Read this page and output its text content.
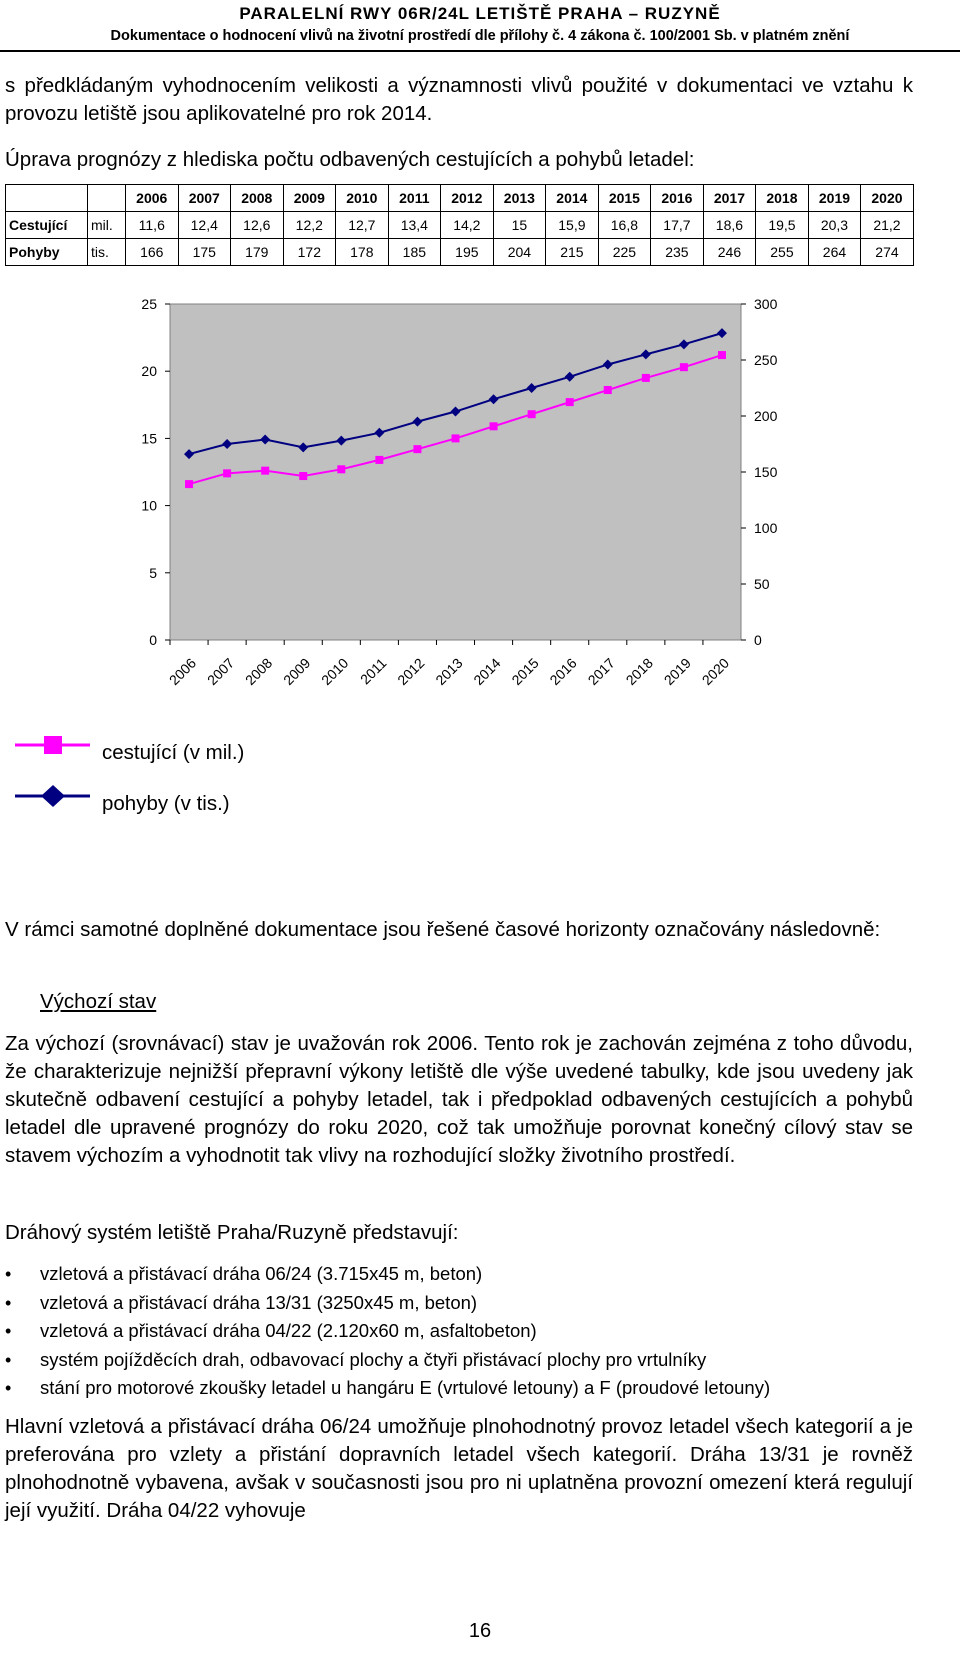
PARALELNÍ RWY 06R/24L LETIŠTĚ PRAHA – RUZYNĚ
Dokumentace o hodnocení vlivů na životní prostředí dle přílohy č. 4 zákona č. 100/2001 Sb. v platném znění
s předkládaným vyhodnocením velikosti a významnosti vlivů použité v dokumentaci ve vztahu k provozu letiště jsou aplikovatelné pro rok 2014.
Úprava prognózy z hlediska počtu odbavených cestujících a pohybů letadel:
		2006	2007	2008	2009	2010	2011	2012	2013	2014	2015	2016	2017	2018	2019	2020
Cestující	mil.	11,6	12,4	12,6	12,2	12,7	13,4	14,2	15	15,9	16,8	17,7	18,6	19,5	20,3	21,2
Pohyby	tis.	166	175	179	172	178	185	195	204	215	225	235	246	255	264	274
0
5
10
15
20
25
0
50
100
150
200
250
300
2006 2007 2008 2009 2010 2011 2012 2013 2014 2015 2016 2017 2018 2019 2020
cestující (v mil.)
pohyby (v tis.)
V rámci samotné doplněné dokumentace jsou řešené časové horizonty označovány následovně:
Výchozí stav
Za výchozí (srovnávací) stav je uvažován rok 2006. Tento rok je zachován zejména z toho důvodu, že charakterizuje nejnižší přepravní výkony letiště dle výše uvedené tabulky, kde jsou uvedeny jak skutečně odbavení cestující a pohyby letadel, tak i předpoklad odbavených cestujících a pohybů letadel dle upravené prognózy do roku 2020, což tak umožňuje porovnat konečný cílový stav se stavem výchozím a vyhodnotit tak vlivy na rozhodující složky životního prostředí.
Dráhový systém letiště Praha/Ruzyně představují:
• vzletová a přistávací dráha 06/24 (3.715x45 m, beton)
• vzletová a přistávací dráha 13/31 (3250x45 m, beton)
• vzletová a přistávací dráha 04/22 (2.120x60 m, asfaltobeton)
• systém pojížděcích drah, odbavovací plochy a čtyři přistávací plochy pro vrtulníky
• stání pro motorové zkoušky letadel u hangáru E (vrtulové letouny) a F (proudové letouny)
Hlavní vzletová a přistávací dráha 06/24 umožňuje plnohodnotný provoz letadel všech kategorií a je preferována pro vzlety a přistání dopravních letadel všech kategorií. Dráha 13/31 je rovněž plnohodnotně vybavena, avšak v současnosti jsou pro ni uplatněna provozní omezení která regulují její využití. Dráha 04/22 vyhovuje
16
